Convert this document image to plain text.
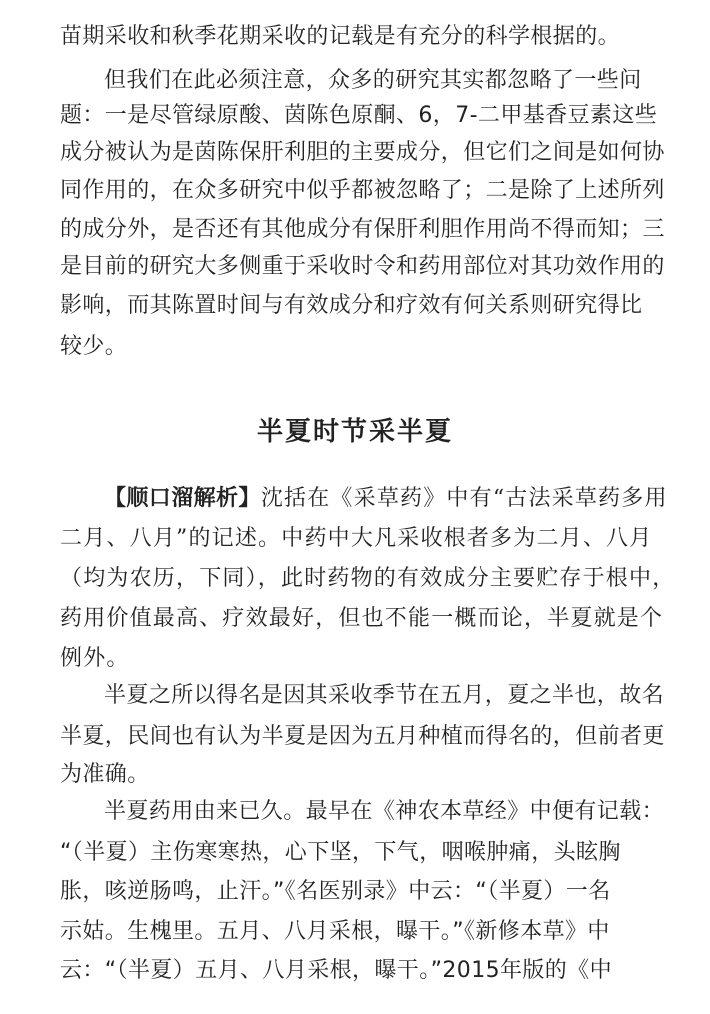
苗期采收和秋季花期采收的记载是有充分的科学根据的。
但我们在此必须注意，众多的研究其实都忽略了一些问
题：一是尽管绿原酸、茵陈色原酮、6，7-二甲基香豆素这些
成分被认为是茵陈保肝利胆的主要成分，但它们之间是如何协
同作用的，在众多研究中似乎都被忽略了；二是除了上述所列
的成分外，是否还有其他成分有保肝利胆作用尚不得而知；三
是目前的研究大多侧重于采收时令和药用部位对其功效作用的
影响，而其陈置时间与有效成分和疗效有何关系则研究得比
较少。
半夏时节采半夏
【顺口溜解析】沈括在《采草药》中有“古法采草药多用
二月、八月”的记述。中药中大凡采收根者多为二月、八月
（均为农历，下同），此时药物的有效成分主要贮存于根中，
药用价值最高、疗效最好，但也不能一概而论，半夏就是个
例外。
半夏之所以得名是因其采收季节在五月，夏之半也，故名
半夏，民间也有认为半夏是因为五月种植而得名的，但前者更
为准确。
半夏药用由来已久。最早在《神农本草经》中便有记载：
“（半夏）主伤寒寒热，心下坚，下气，咽喉肿痛，头眩胸
胀，咳逆肠鸣，止汗。”《名医别录》中云：“（半夏）一名
示姑。生槐里。五月、八月采根，曝干。”《新修本草》中
云：“（半夏）五月、八月采根，曝干。”2015年版的《中
